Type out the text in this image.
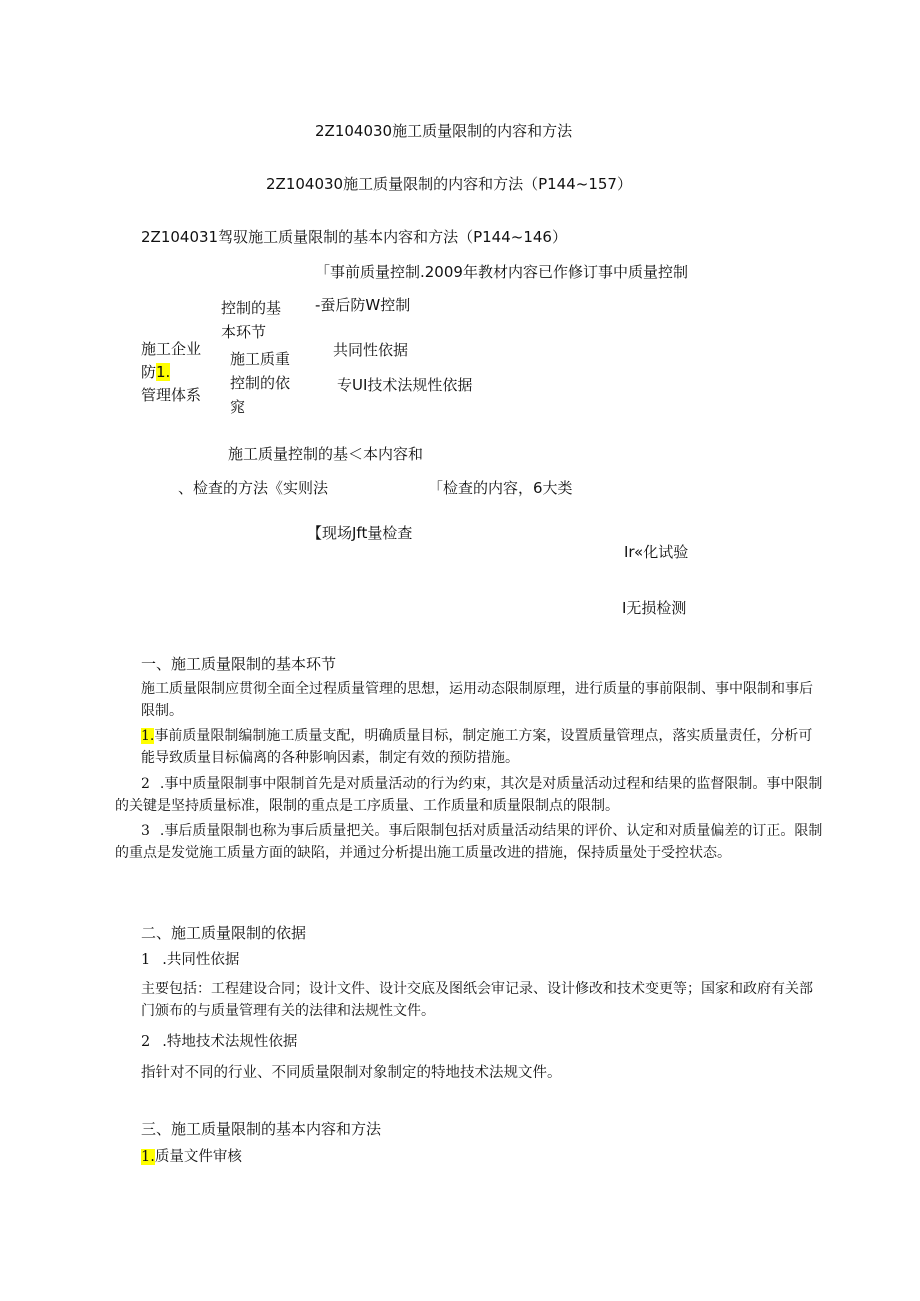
2Z104030施工质量限制的内容和方法
2Z104030施工质量限制的内容和方法（P144~157）
2Z104031驾驭施工质量限制的基本内容和方法（P144~146）
「事前质量控制.2009年教材内容已作修订事中质量控制
控制的基 -蚕后防W控制
本环节
施工企业	共同性依据
防1.
施工质重
控制的依	专UI技术法规性依据
管理体系
窕
施工质量控制的基＜本内容和
、检查的方法《实则法	「检查的内容，6大类
【现场Jft量检查
Ir«化试验
I无损检测
一、施工质量限制的基本环节
施工质量限制应贯彻全面全过程质量管理的思想，运用动态限制原理，进行质量的事前限制、事中限制和事后限制。
1.事前质量限制编制施工质量支配，明确质量目标，制定施工方案，设置质量管理点，落实质量责任，分析可能导致质量目标偏离的各种影响因素，制定有效的预防措施。
2 .事中质量限制事中限制首先是对质量活动的行为约束，其次是对质量活动过程和结果的监督限制。事中限制的关键是坚持质量标准，限制的重点是工序质量、工作质量和质量限制点的限制。
3 .事后质量限制也称为事后质量把关。事后限制包括对质量活动结果的评价、认定和对质量偏差的订正。限制的重点是发觉施工质量方面的缺陷，并通过分析提出施工质量改进的措施，保持质量处于受控状态。
二、施工质量限制的依据
1 .共同性依据
主要包括：工程建设合同；设计文件、设计交底及图纸会审记录、设计修改和技术变更等；国家和政府有关部门颁布的与质量管理有关的法律和法规性文件。
2 .特地技术法规性依据
指针对不同的行业、不同质量限制对象制定的特地技术法规文件。
三、施工质量限制的基本内容和方法
1.质量文件审核
